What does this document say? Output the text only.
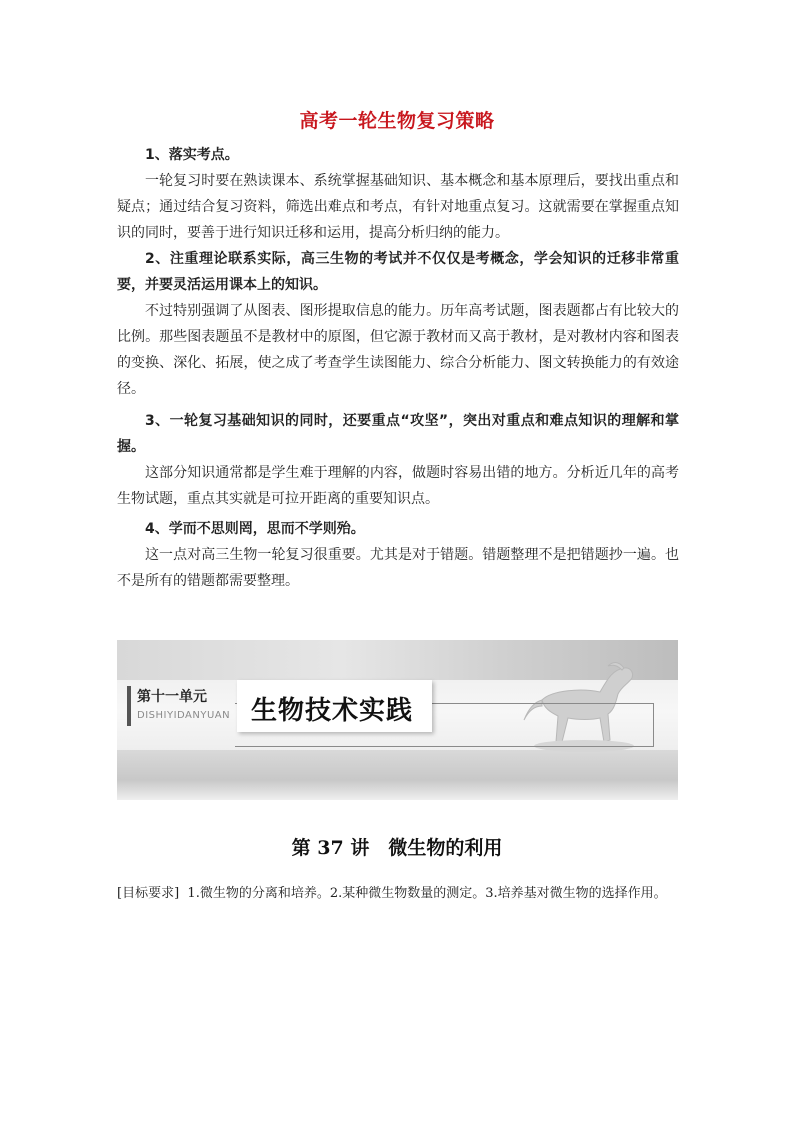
高考一轮生物复习策略
1、落实考点。
一轮复习时要在熟读课本、系统掌握基础知识、基本概念和基本原理后，要找出重点和疑点；通过结合复习资料，筛选出难点和考点，有针对地重点复习。这就需要在掌握重点知识的同时，要善于进行知识迁移和运用，提高分析归纳的能力。
2、注重理论联系实际，高三生物的考试并不仅仅是考概念，学会知识的迁移非常重要，并要灵活运用课本上的知识。
不过特别强调了从图表、图形提取信息的能力。历年高考试题，图表题都占有比较大的比例。那些图表题虽不是教材中的原图，但它源于教材而又高于教材，是对教材内容和图表的变换、深化、拓展，使之成了考查学生读图能力、综合分析能力、图文转换能力的有效途径。
3、一轮复习基础知识的同时，还要重点“攻坚”，突出对重点和难点知识的理解和掌握。
这部分知识通常都是学生难于理解的内容，做题时容易出错的地方。分析近几年的高考生物试题，重点其实就是可拉开距离的重要知识点。
4、学而不思则罔，思而不学则殆。
这一点对高三生物一轮复习很重要。尤其是对于错题。错题整理不是把错题抄一遍。也不是所有的错题都需要整理。
第十一单元
DISHIYIDANYUAN 生物技术实践
第 37 讲　微生物的利用
[目标要求] 1.微生物的分离和培养。2.某种微生物数量的测定。3.培养基对微生物的选择作用。
